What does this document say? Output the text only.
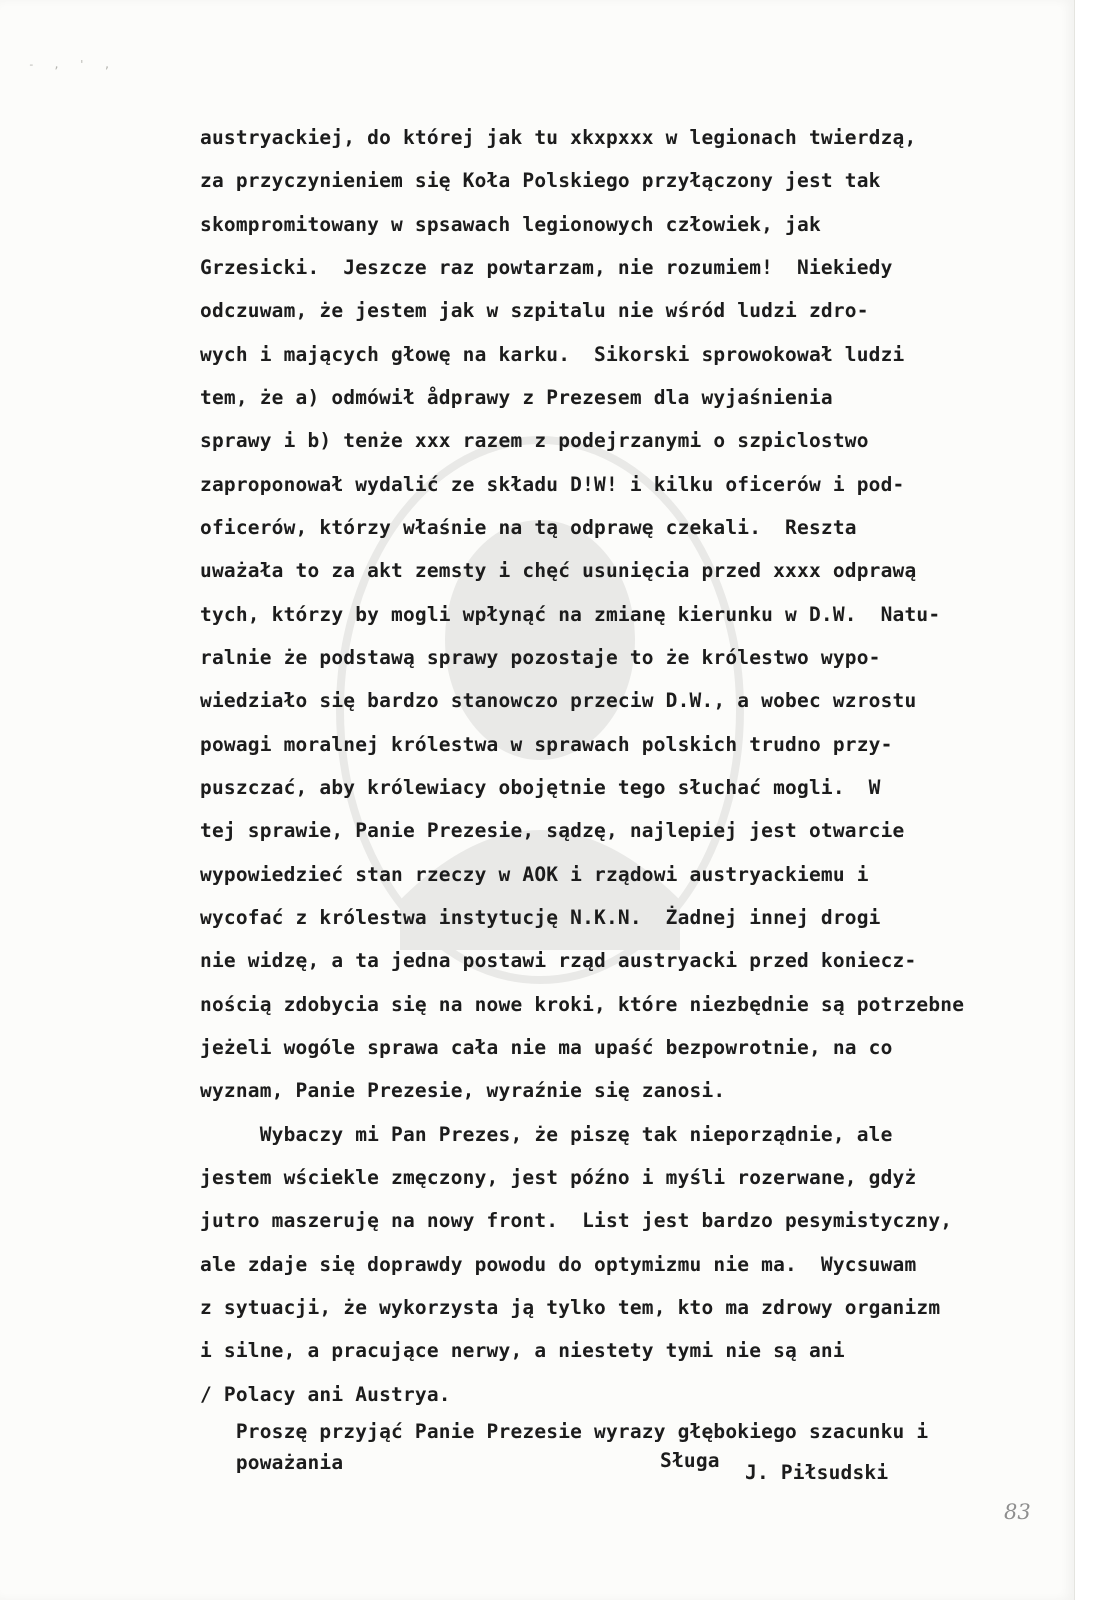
- ‚ ' ‚
austryackiej, do której jak tu xkxpxxx w legionach twierdzą,
za przyczynieniem się Koła Polskiego przyłączony jest tak
skompromitowany w spsawach legionowych człowiek, jak
Grzesicki.  Jeszcze raz powtarzam, nie rozumiem!  Niekiedy
odczuwam, że jestem jak w szpitalu nie wśród ludzi zdro-
wych i mających głowę na karku.  Sikorski sprowokował ludzi
tem, że a) odmówił ådprawy z Prezesem dla wyjaśnienia
sprawy i b) tenże xxx razem z podejrzanymi o szpiclostwo
zaproponował wydalić ze składu D!W! i kilku oficerów i pod-
oficerów, którzy właśnie na tą odprawę czekali.  Reszta
uważała to za akt zemsty i chęć usunięcia przed xxxx odprawą
tych, którzy by mogli wpłynąć na zmianę kierunku w D.W.  Natu-
ralnie że podstawą sprawy pozostaje to że królestwo wypo-
wiedziało się bardzo stanowczo przeciw D.W., a wobec wzrostu
powagi moralnej królestwa w sprawach polskich trudno przy-
puszczać, aby królewiacy obojętnie tego słuchać mogli.  W
tej sprawie, Panie Prezesie, sądzę, najlepiej jest otwarcie
wypowiedzieć stan rzeczy w AOK i rządowi austryackiemu i
wycofać z królestwa instytucję N.K.N.  Żadnej innej drogi
nie widzę, a ta jedna postawi rząd austryacki przed koniecz-
nością zdobycia się na nowe kroki, które niezbędnie są potrzebne
jeżeli wogóle sprawa cała nie ma upaść bezpowrotnie, na co
wyznam, Panie Prezesie, wyraźnie się zanosi.
Wybaczy mi Pan Prezes, że piszę tak nieporządnie, ale
jestem wściekle zmęczony, jest późno i myśli rozerwane, gdyż
jutro maszeruję na nowy front.  List jest bardzo pesymistyczny,
ale zdaje się doprawdy powodu do optymizmu nie ma.  Wycsuwam
z sytuacji, że wykorzysta ją tylko tem, kto ma zdrowy organizm
i silne, a pracujące nerwy, a niestety tymi nie są ani
/ Polacy ani Austrya.
Proszę przyjąć Panie Prezesie wyrazy głębokiego szacunku i
poważania	Sługa
J. Piłsudski
83
